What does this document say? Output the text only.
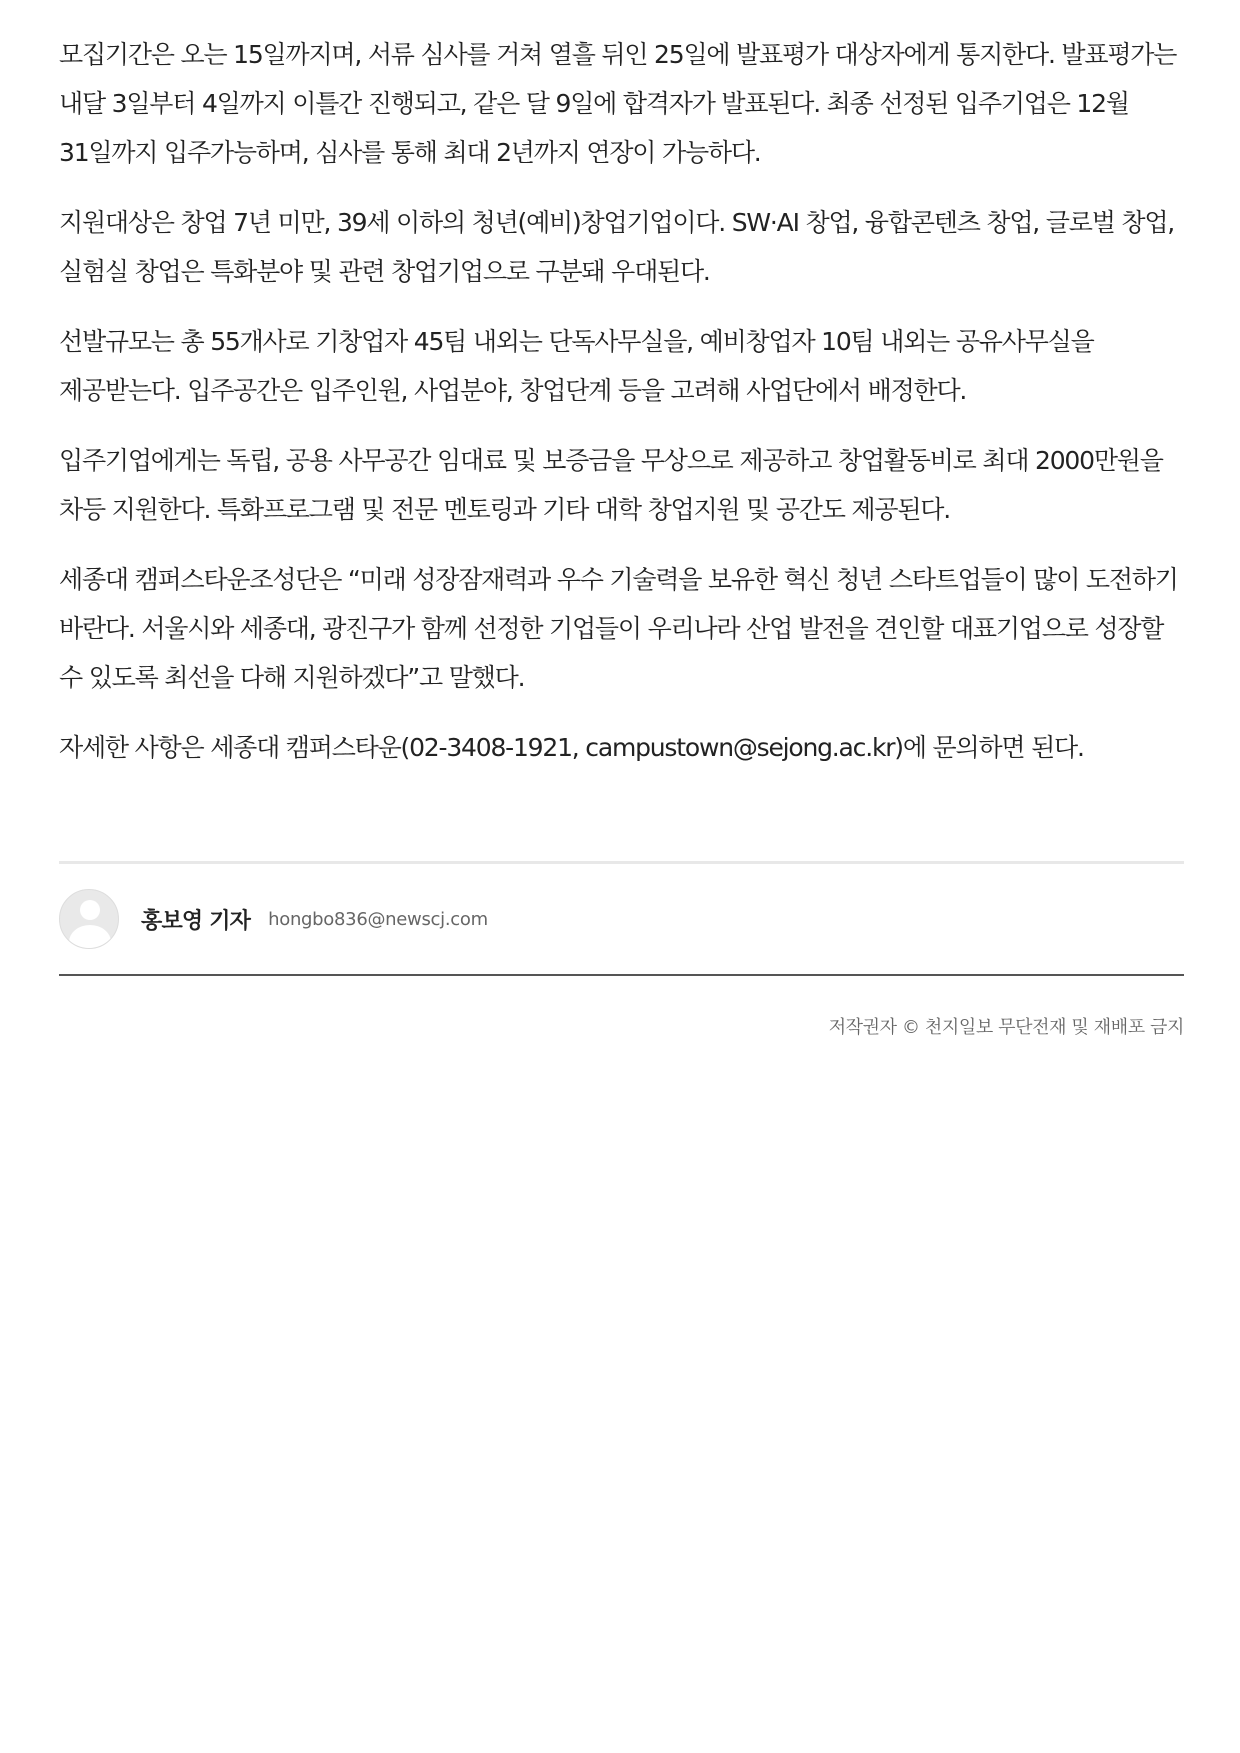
모집기간은 오는 15일까지며, 서류 심사를 거쳐 열흘 뒤인 25일에 발표평가 대상자에게 통지한다. 발표평가는 내달 3일부터 4일까지 이틀간 진행되고, 같은 달 9일에 합격자가 발표된다. 최종 선정된 입주기업은 12월 31일까지 입주가능하며, 심사를 통해 최대 2년까지 연장이 가능하다.

지원대상은 창업 7년 미만, 39세 이하의 청년(예비)창업기업이다. SW·AI 창업, 융합콘텐츠 창업, 글로벌 창업, 실험실 창업은 특화분야 및 관련 창업기업으로 구분돼 우대된다.

선발규모는 총 55개사로 기창업자 45팀 내외는 단독사무실을, 예비창업자 10팀 내외는 공유사무실을 제공받는다. 입주공간은 입주인원, 사업분야, 창업단계 등을 고려해 사업단에서 배정한다.

입주기업에게는 독립, 공용 사무공간 임대료 및 보증금을 무상으로 제공하고 창업활동비로 최대 2000만원을 차등 지원한다. 특화프로그램 및 전문 멘토링과 기타 대학 창업지원 및 공간도 제공된다.

세종대 캠퍼스타운조성단은 “미래 성장잠재력과 우수 기술력을 보유한 혁신 청년 스타트업들이 많이 도전하기 바란다. 서울시와 세종대, 광진구가 함께 선정한 기업들이 우리나라 산업 발전을 견인할 대표기업으로 성장할 수 있도록 최선을 다해 지원하겠다”고 말했다.

자세한 사항은 세종대 캠퍼스타운(02-3408-1921, campustown@sejong.ac.kr)에 문의하면 된다.

홍보영 기자 hongbo836@newscj.com
저작권자 © 천지일보 무단전재 및 재배포 금지
